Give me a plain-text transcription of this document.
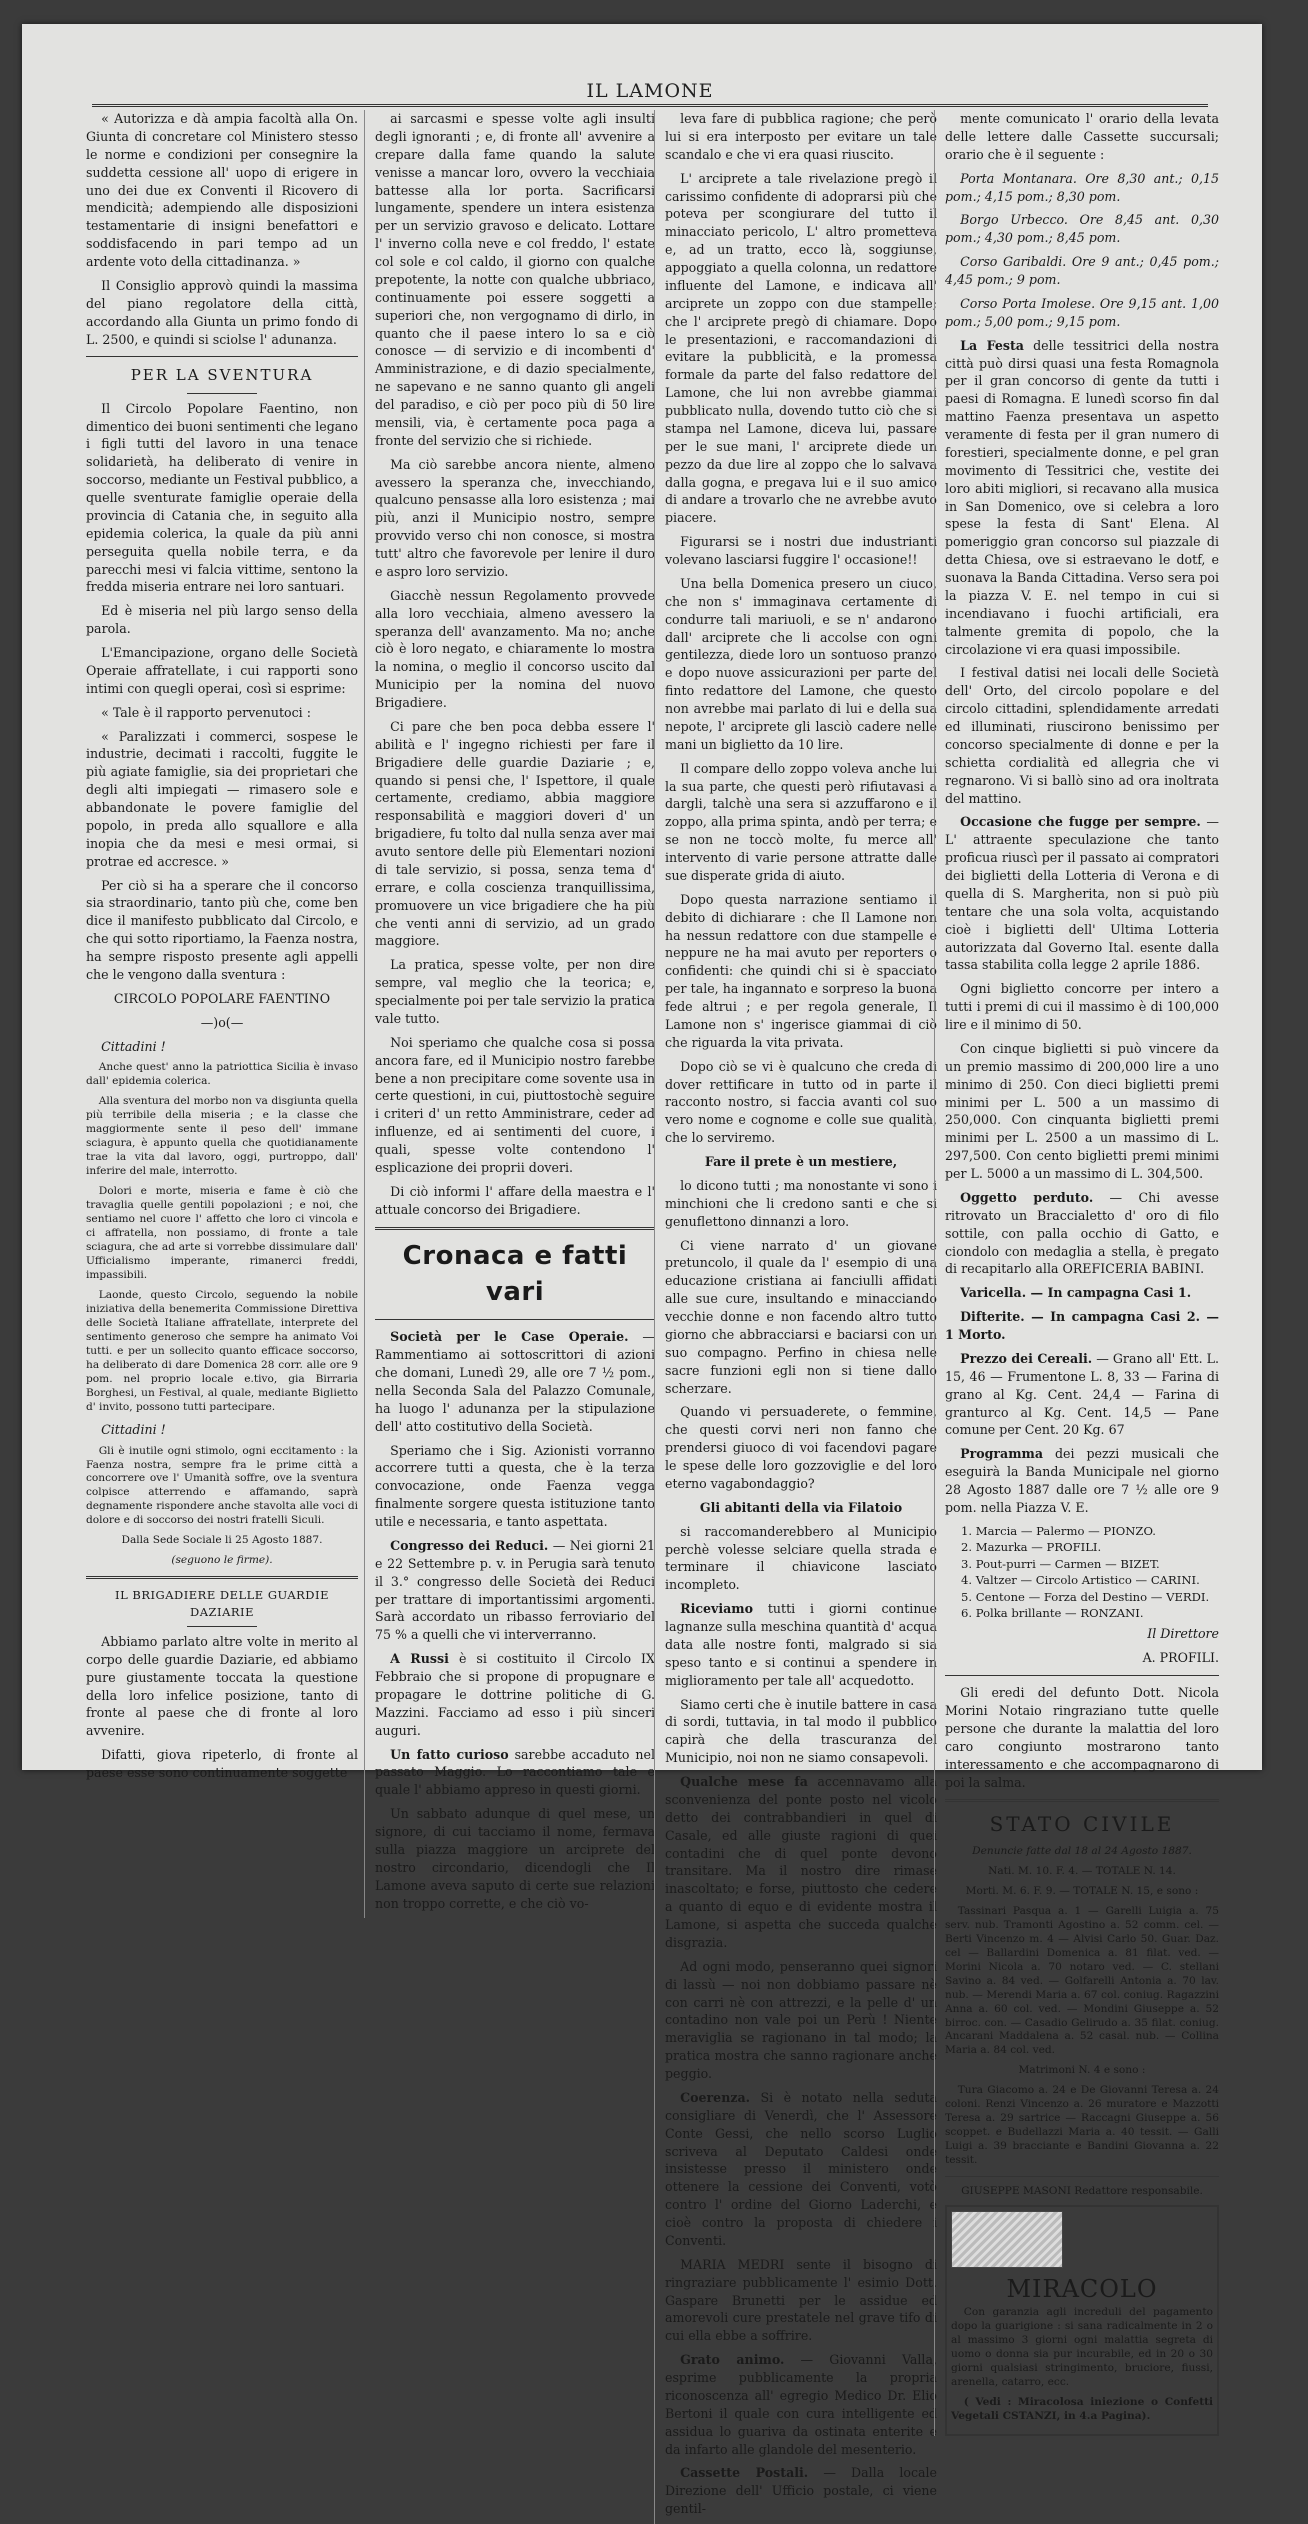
IL LAMONE

« Autorizza e dà ampia facoltà alla On. Giunta di concretare col Ministero stesso le norme e condizioni per consegnire la suddetta cessione all' uopo di erigere in uno dei due ex Conventi il Ricovero di mendicità; adempiendo alle disposizioni testamentarie di insigni benefattori e soddisfacendo in pari tempo ad un ardente voto della cittadinanza. »

Il Consiglio approvò quindi la massima del piano regolatore della città, accordando alla Giunta un primo fondo di L. 2500, e quindi si sciolse l' adunanza.

PER LA SVENTURA

Il Circolo Popolare Faentino, non dimentico dei buoni sentimenti che legano i figli tutti del lavoro in una tenace solidarietà, ha deliberato di venire in soccorso, mediante un Festival pubblico, a quelle sventurate famiglie operaie della provincia di Catania che, in seguito alla epidemia colerica, la quale da più anni perseguita quella nobile terra, e da parecchi mesi vi falcia vittime, sentono la fredda miseria entrare nei loro santuari.

Ed è miseria nel più largo senso della parola.

L'Emancipazione, organo delle Società Operaie affratellate, i cui rapporti sono intimi con quegli operai, così si esprime:

« Tale è il rapporto pervenutoci :

« Paralizzati i commerci, sospese le industrie, decimati i raccolti, fuggite le più agiate famiglie, sia dei proprietari che degli alti impiegati — rimasero sole e abbandonate le povere famiglie del popolo, in preda allo squallore e alla inopia che da mesi e mesi ormai, si protrae ed accresce. »

Per ciò si ha a sperare che il concorso sia straordinario, tanto più che, come ben dice il manifesto pubblicato dal Circolo, e che qui sotto riportiamo, la Faenza nostra, ha sempre risposto presente agli appelli che le vengono dalla sventura :

CIRCOLO POPOLARE FAENTINO

—)o(—

Cittadini !

Anche quest' anno la patriottica Sicilia è invaso dall' epidemia colerica.

Alla sventura del morbo non va disgiunta quella più terribile della miseria ; e la classe che maggiormente sente il peso dell' immane sciagura, è appunto quella che quotidianamente trae la vita dal lavoro, oggi, purtroppo, dall' inferire del male, interrotto.

Dolori e morte, miseria e fame è ciò che travaglia quelle gentili popolazioni ; e noi, che sentiamo nel cuore l' affetto che loro ci vincola e ci affratella, non possiamo, di fronte a tale sciagura, che ad arte si vorrebbe dissimulare dall' Ufficialismo imperante, rimanerci freddi, impassibili.

Laonde, questo Circolo, seguendo la nobile iniziativa della benemerita Commissione Direttiva delle Società Italiane affratellate, interprete del sentimento generoso che sempre ha animato Voi tutti. e per un sollecito quanto efficace soccorso, ha deliberato di dare Domenica 28 corr. alle ore 9 pom. nel proprio locale e.tivo, gia Birraria Borghesi, un Festival, al quale, mediante Biglietto d' invito, possono tutti partecipare.

Cittadini !

Gli è inutile ogni stimolo, ogni eccitamento : la Faenza nostra, sempre fra le prime città a concorrere ove l' Umanità soffre, ove la sventura colpisce atterrendo e affamando, saprà degnamente rispondere anche stavolta alle voci di dolore e di soccorso dei nostri fratelli Siculi.

Dalla Sede Sociale li 25 Agosto 1887.

(seguono le firme).

IL BRIGADIERE DELLE GUARDIE DAZIARIE

Abbiamo parlato altre volte in merito al corpo delle guardie Daziarie, ed abbiamo pure giustamente toccata la questione della loro infelice posizione, tanto di fronte al paese che di fronte al loro avvenire.

Difatti, giova ripeterlo, di fronte al paese esse sono continuamente soggette

ai sarcasmi e spesse volte agli insulti degli ignoranti ; e, di fronte all' avvenire a crepare dalla fame quando la salute venisse a mancar loro, ovvero la vecchiaia battesse alla lor porta. Sacrificarsi lungamente, spendere un intera esistenza per un servizio gravoso e delicato. Lottare l' inverno colla neve e col freddo, l' estate col sole e col caldo, il giorno con qualche prepotente, la notte con qualche ubbriaco, continuamente poi essere soggetti a superiori che, non vergognamo di dirlo, in quanto che il paese intero lo sa e ciò conosce — di servizio e di incombenti d' Amministrazione, e di dazio specialmente, ne sapevano e ne sanno quanto gli angeli del paradiso, e ciò per poco più di 50 lire mensili, via, è certamente poca paga a fronte del servizio che si richiede.

Ma ciò sarebbe ancora niente, almeno avessero la speranza che, invecchiando, qualcuno pensasse alla loro esistenza ; mai più, anzi il Municipio nostro, sempre provvido verso chi non conosce, si mostra tutt' altro che favorevole per lenire il duro e aspro loro servizio.

Giacchè nessun Regolamento provvede alla loro vecchiaia, almeno avessero la speranza dell' avanzamento. Ma no; anche ciò è loro negato, e chiaramente lo mostra la nomina, o meglio il concorso uscito dal Municipio per la nomina del nuovo Brigadiere.

Ci pare che ben poca debba essere l' abilità e l' ingegno richiesti per fare il Brigadiere delle guardie Daziarie ; e, quando si pensi che, l' Ispettore, il quale certamente, crediamo, abbia maggiore responsabilità e maggiori doveri d' un brigadiere, fu tolto dal nulla senza aver mai avuto sentore delle più Elementari nozioni di tale servizio, si possa, senza tema d' errare, e colla coscienza tranquillissima, promuovere un vice brigadiere che ha più che venti anni di servizio, ad un grado maggiore.

La pratica, spesse volte, per non dire sempre, val meglio che la teorica; e, specialmente poi per tale servizio la pratica vale tutto.

Noi speriamo che qualche cosa si possa ancora fare, ed il Municipio nostro farebbe bene a non precipitare come sovente usa in certe questioni, in cui, piuttostochè seguire i criteri d' un retto Amministrare, ceder ad influenze, ed ai sentimenti del cuore, i quali, spesse volte contendono l' esplicazione dei proprii doveri.

Di ciò informi l' affare della maestra e l' attuale concorso dei Brigadiere.

Cronaca e fatti vari

Società per le Case Operaie. — Rammentiamo ai sottoscrittori di azioni che domani, Lunedì 29, alle ore 7 ½ pom., nella Seconda Sala del Palazzo Comunale, ha luogo l' adunanza per la stipulazione dell' atto costitutivo della Società.

Speriamo che i Sig. Azionisti vorranno accorrere tutti a questa, che è la terza convocazione, onde Faenza vegga finalmente sorgere questa istituzione tanto utile e necessaria, e tanto aspettata.

Congresso dei Reduci. — Nei giorni 21 e 22 Settembre p. v. in Perugia sarà tenuto il 3.° congresso delle Società dei Reduci per trattare di importantissimi argomenti. Sarà accordato un ribasso ferroviario del 75 % a quelli che vi interverranno.

A Russi è si costituito il Circolo IX Febbraio che si propone di propugnare e propagare le dottrine politiche di G. Mazzini. Facciamo ad esso i più sinceri auguri.

Un fatto curioso sarebbe accaduto nel passato Maggio. Lo raccontiamo tale e quale l' abbiamo appreso in questi giorni.

Un sabbato adunque di quel mese, un signore, di cui tacciamo il nome, fermava sulla piazza maggiore un arciprete del nostro circondario, dicendogli che Il Lamone aveva saputo di certe sue relazioni non troppo corrette, e che ciò vo-

leva fare di pubblica ragione; che però lui si era interposto per evitare un tale scandalo e che vi era quasi riuscito.

L' arciprete a tale rivelazione pregò il carissimo confidente di adoprarsi più che poteva per scongiurare del tutto il minacciato pericolo, L' altro prometteva e, ad un tratto, ecco là, soggiunse, appoggiato a quella colonna, un redattore influente del Lamone, e indicava all' arciprete un zoppo con due stampelle; che l' arciprete pregò di chiamare. Dopo le presentazioni, e raccomandazioni di evitare la pubblicità, e la promessa formale da parte del falso redattore del Lamone, che lui non avrebbe giammai pubblicato nulla, dovendo tutto ciò che si stampa nel Lamone, diceva lui, passare per le sue mani, l' arciprete diede un pezzo da due lire al zoppo che lo salvava dalla gogna, e pregava lui e il suo amico di andare a trovarlo che ne avrebbe avuto piacere.

Figurarsi se i nostri due industrianti volevano lasciarsi fuggire l' occasione!!

Una bella Domenica presero un ciuco, che non s' immaginava certamente di condurre tali mariuoli, e se n' andarono dall' arciprete che li accolse con ogni gentilezza, diede loro un sontuoso pranzo e dopo nuove assicurazioni per parte del finto redattore del Lamone, che questo non avrebbe mai parlato di lui e della sua nepote, l' arciprete gli lasciò cadere nelle mani un biglietto da 10 lire.

Il compare dello zoppo voleva anche lui la sua parte, che questi però rifiutavasi a dargli, talchè una sera si azzuffarono e il zoppo, alla prima spinta, andò per terra; e se non ne toccò molte, fu merce all' intervento di varie persone attratte dalle sue disperate grida di aiuto.

Dopo questa narrazione sentiamo il debito di dichiarare : che Il Lamone non ha nessun redattore con due stampelle e neppure ne ha mai avuto per reporters o confidenti: che quindi chi si è spacciato per tale, ha ingannato e sorpreso la buona fede altrui ; e per regola generale, Il Lamone non s' ingerisce giammai di ciò che riguarda la vita privata.

Dopo ciò se vi è qualcuno che creda di dover rettificare in tutto od in parte il racconto nostro, si faccia avanti col suo vero nome e cognome e colle sue qualità, che lo serviremo.

Fare il prete è un mestiere,

lo dicono tutti ; ma nonostante vi sono i minchioni che li credono santi e che si genuflettono dinnanzi a loro.

Ci viene narrato d' un giovane pretuncolo, il quale da l' esempio di una educazione cristiana ai fanciulli affidati alle sue cure, insultando e minacciando vecchie donne e non facendo altro tutto giorno che abbracciarsi e baciarsi con un suo compagno. Perfino in chiesa nelle sacre funzioni egli non si tiene dallo scherzare.

Quando vi persuaderete, o femmine, che questi corvi neri non fanno che prendersi giuoco di voi facendovi pagare le spese delle loro gozzoviglie e del loro eterno vagabondaggio?

Gli abitanti della via Filatoio

si raccomanderebbero al Municipio perchè volesse selciare quella strada e terminare il chiavicone lasciato incompleto.

Riceviamo tutti i giorni continue lagnanze sulla meschina quantità d' acqua data alle nostre fonti, malgrado si sia speso tanto e si continui a spendere in miglioramento per tale all' acquedotto.

Siamo certi che è inutile battere in casa di sordi, tuttavia, in tal modo il pubblico capirà che della trascuranza del Municipio, noi non ne siamo consapevoli.

Qualche mese fa accennavamo alla sconvenienza del ponte posto nel vicolo detto dei contrabbandieri in quel di Casale, ed alle giuste ragioni di quei contadini che di quel ponte devono transitare. Ma il nostro dire rimase inascoltato; e forse, piuttosto che cedere a quanto di equo e di evidente mostra il Lamone, si aspetta che succeda qualche disgrazia.

Ad ogni modo, penseranno quei signori di lassù — noi non dobbiamo passare nè con carri nè con attrezzi, e la pelle d' un contadino non vale poi un Perù ! Niente meraviglia se ragionano in tal modo; la pratica mostra che sanno ragionare anche peggio.

Coerenza. Si è notato nella seduta consigliare di Venerdì, che l' Assessore Conte Gessi, che nello scorso Luglio scriveva al Deputato Caldesi onde insistesse presso il ministero onde ottenere la cessione dei Conventi, votò contro l' ordine del Giorno Laderchi, e cioè contro la proposta di chiedere i Conventi.

MARIA MEDRI sente il bisogno di ringraziare pubblicamente l' esimio Dott. Gaspare Brunetti per le assidue ed amorevoli cure prestatele nel grave tifo di cui ella ebbe a soffrire.

Grato animo. — Giovanni Valla, esprime pubblicamente la propria riconoscenza all' egregio Medico Dr. Elio Bertoni il quale con cura intelligente ed assidua lo guariva da ostinata enterite e da infarto alle glandole del mesenterio.

Cassette Postali. — Dalla locale Direzione dell' Ufficio postale, ci viene gentil-

mente comunicato l' orario della levata delle lettere dalle Cassette succursali; orario che è il seguente :

Porta Montanara. Ore 8,30 ant.; 0,15 pom.; 4,15 pom.; 8,30 pom.

Borgo Urbecco. Ore 8,45 ant. 0,30 pom.; 4,30 pom.; 8,45 pom.

Corso Garibaldi. Ore 9 ant.; 0,45 pom.; 4,45 pom.; 9 pom.

Corso Porta Imolese. Ore 9,15 ant. 1,00 pom.; 5,00 pom.; 9,15 pom.

La Festa delle tessitrici della nostra città può dirsi quasi una festa Romagnola per il gran concorso di gente da tutti i paesi di Romagna. E lunedì scorso fin dal mattino Faenza presentava un aspetto veramente di festa per il gran numero di forestieri, specialmente donne, e pel gran movimento di Tessitrici che, vestite dei loro abiti migliori, si recavano alla musica in San Domenico, ove si celebra a loro spese la festa di Sant' Elena. Al pomeriggio gran concorso sul piazzale di detta Chiesa, ove si estraevano le dotf, e suonava la Banda Cittadina. Verso sera poi la piazza V. E. nel tempo in cui si incendiavano i fuochi artificiali, era talmente gremita di popolo, che la circolazione vi era quasi impossibile.

I festival datisi nei locali delle Società dell' Orto, del circolo popolare e del circolo cittadini, splendidamente arredati ed illuminati, riuscirono benissimo per concorso specialmente di donne e per la schietta cordialità ed allegria che vi regnarono. Vi si ballò sino ad ora inoltrata del mattino.

Occasione che fugge per sempre. — L' attraente speculazione che tanto proficua riuscì per il passato ai compratori dei biglietti della Lotteria di Verona e di quella di S. Margherita, non si può più tentare che una sola volta, acquistando cioè i biglietti dell' Ultima Lotteria autorizzata dal Governo Ital. esente dalla tassa stabilita colla legge 2 aprile 1886.

Ogni biglietto concorre per intero a tutti i premi di cui il massimo è di 100,000 lire e il minimo di 50.

Con cinque biglietti si può vincere da un premio massimo di 200,000 lire a uno minimo di 250. Con dieci biglietti premi minimi per L. 500 a un massimo di 250,000. Con cinquanta biglietti premi minimi per L. 2500 a un massimo di L. 297,500. Con cento biglietti premi minimi per L. 5000 a un massimo di L. 304,500.

Oggetto perduto. — Chi avesse ritrovato un Braccialetto d' oro di filo sottile, con palla occhio di Gatto, e ciondolo con medaglia a stella, è pregato di recapitarlo alla OREFICERIA BABINI.

Varicella. — In campagna Casi 1.

Difterite. — In campagna Casi 2. — 1 Morto.

Prezzo dei Cereali. — Grano all' Ett. L. 15, 46 — Frumentone L. 8, 33 — Farina di grano al Kg. Cent. 24,4 — Farina di granturco al Kg. Cent. 14,5 — Pane comune per Cent. 20 Kg. 67

Programma dei pezzi musicali che eseguirà la Banda Municipale nel giorno 28 Agosto 1887 dalle ore 7 ½ alle ore 9 pom. nella Piazza V. E.

1. Marcia — Palermo — PIONZO.
2. Mazurka — PROFILI.
3. Pout-purri — Carmen — BIZET.
4. Valtzer — Circolo Artistico — CARINI.
5. Centone — Forza del Destino — VERDI.
6. Polka brillante — RONZANI.

Il Direttore

A. PROFILI.

Gli eredi del defunto Dott. Nicola Morini Notaio ringraziano tutte quelle persone che durante la malattia del loro caro congiunto mostrarono tanto interessamento e che accompagnarono di poi la salma.

STATO CIVILE

Denuncie fatte dal 18 al 24 Agosto 1887.

Nati. M. 10. F. 4. — TOTALE N. 14.

Morti. M. 6. F. 9. — TOTALE N. 15, e sono :

Tassinari Pasqua a. 1 — Garelli Luigia a. 75 serv. nub. Tramonti Agostino a. 52 comm. cel. — Berti Vincenzo m. 4 — Alvisi Carlo 50. Guar. Daz. cel — Ballardini Domenica a. 81 filat. ved. — Morini Nicola a. 70 notaro ved. — C. stellani Savino a. 84 ved. — Golfarelli Antonia a. 70 lav. nub. — Merendi Maria a. 67 col. coniug. Ragazzini Anna a. 60 col. ved. — Mondini Giuseppe a. 52 birroc. con. — Casadio Gelirudo a. 35 filat. coniug. Ancarani Maddalena a. 52 casal. nub. — Collina Maria a. 84 col. ved.

Matrimoni N. 4 e sono :

Tura Giacomo a. 24 e De Giovanni Teresa a. 24 coloni. Renzi Vincenzo a. 26 muratore e Mazzotti Teresa a. 29 sartrice — Raccagni Giuseppe a. 56 scoppet. e Budellazzi Maria a. 40 tessit. — Galli Luigi a. 39 bracciante e Bandini Giovanna a. 22 tessit.

GIUSEPPE MASONI Redattore responsabile.

MIRACOLO

Con garanzia agli increduli del pagamento dopo la guarigione : si sana radicalmente in 2 o al massimo 3 giorni ogni malattia segreta di uomo o donna sia pur incurabile, ed in 20 o 30 giorni qualsiasi stringimento, bruciore, fiussi, arenella, catarro, ecc.

( Vedi : Miracolosa iniezione o Confetti Vegetali CSTANZI, in 4.a Pagina).
